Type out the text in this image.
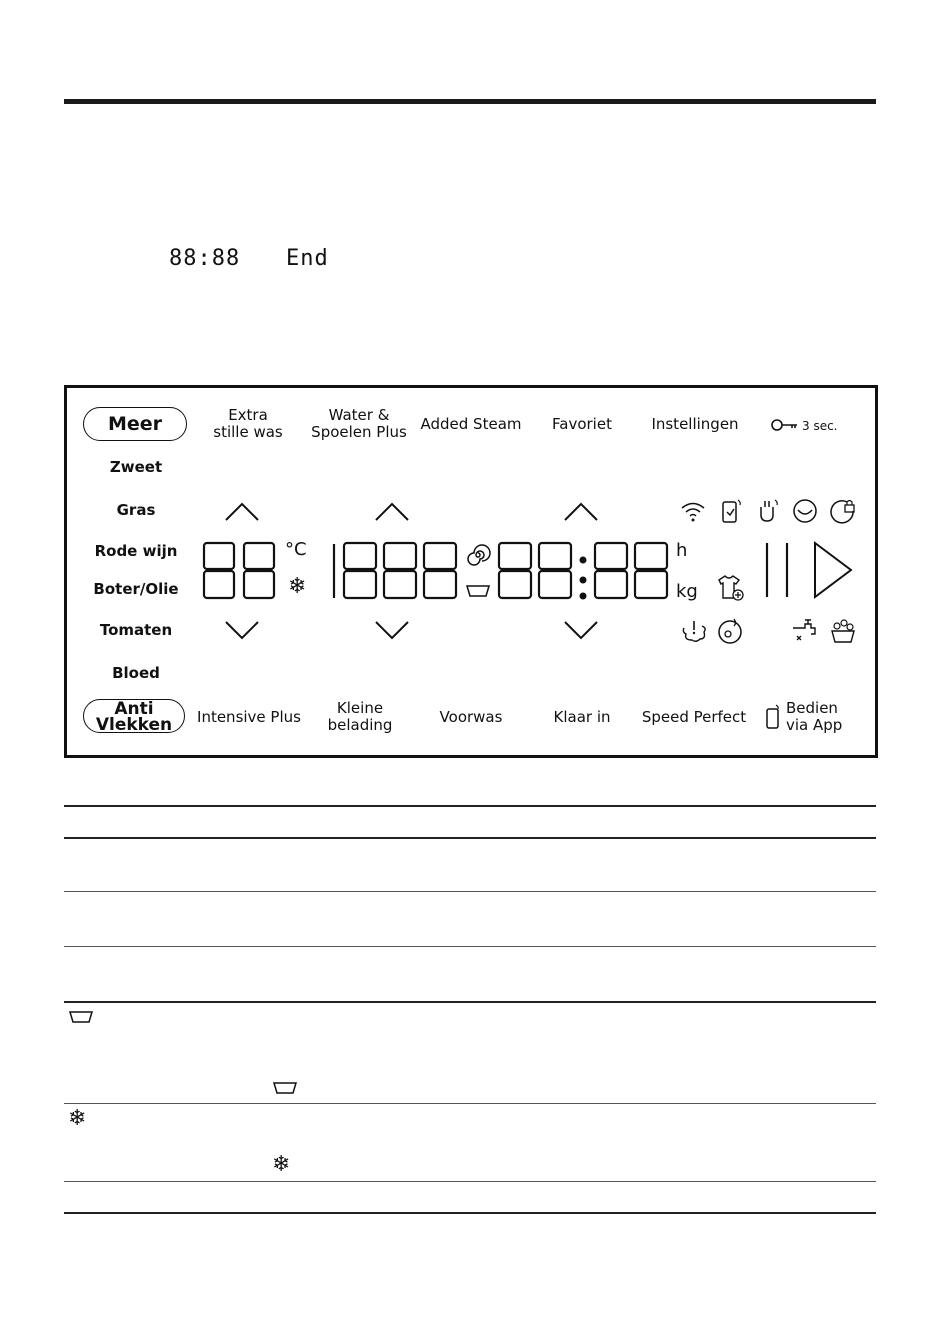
88:88 End
Meer	Extra
stille was
Water &
Spoelen Plus Added Steam	Favoriet	Instellingen	3 sec.
Zweet
Gras
Rode wijn
Boter/Olie
Tomaten
Bloed
°C
❄
h
kg
Anti
Vlekken	Intensive Plus	Kleine
belading	Voorwas	Klaar in	Speed Perfect	Bedien
via App
❄
❄
